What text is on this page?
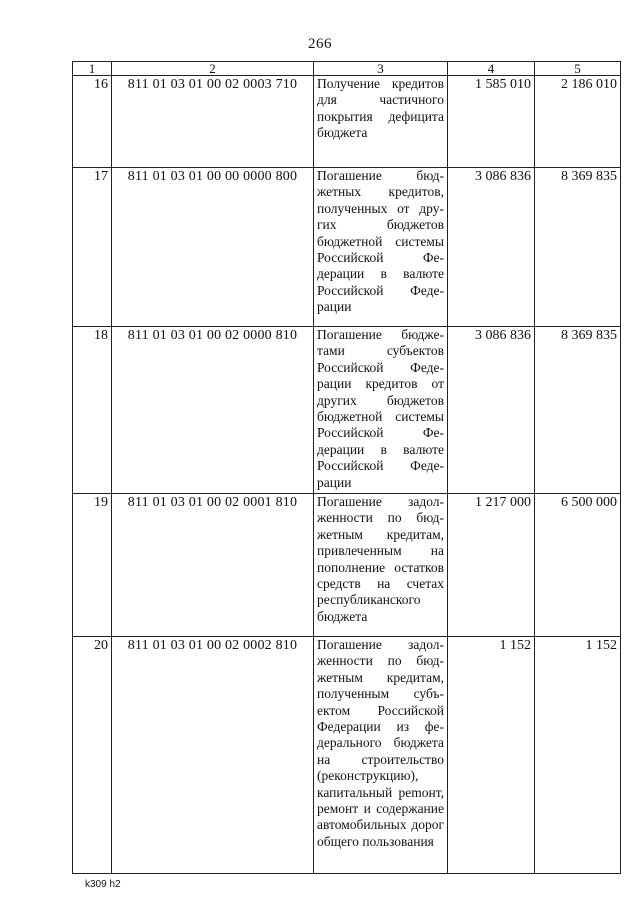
266
1	2	3	4	5
16	811 01 03 01 00 02 0003 710	Получение кредитов для частичного покрытия дефицита бюджета	1 585 010	2 186 010
17	811 01 03 01 00 00 0000 800	Погашение бюджетных кредитов, полученных от других бюджетов бюджетной системы Российской Федерации в валюте Российской Федерации	3 086 836	8 369 835
18	811 01 03 01 00 02 0000 810	Погашение бюджетами субъектов Российской Федерации кредитов от других бюджетов бюджетной системы Российской Федерации в валюте Российской Федерации	3 086 836	8 369 835
19	811 01 03 01 00 02 0001 810	Погашение задолженности по бюджетным кредитам, привлеченным на пополнение остатков средств на счетах республиканского бюджета	1 217 000	6 500 000
20	811 01 03 01 00 02 0002 810	Погашение задолженности по бюджетным кредитам, полученным субъектом Российской Федерации из федерального бюджета на строительство (реконструкцию), капитальный реmонт, ремонт и содержание автомобильных дорог общего пользования	1 152	1 152
k309 h2
